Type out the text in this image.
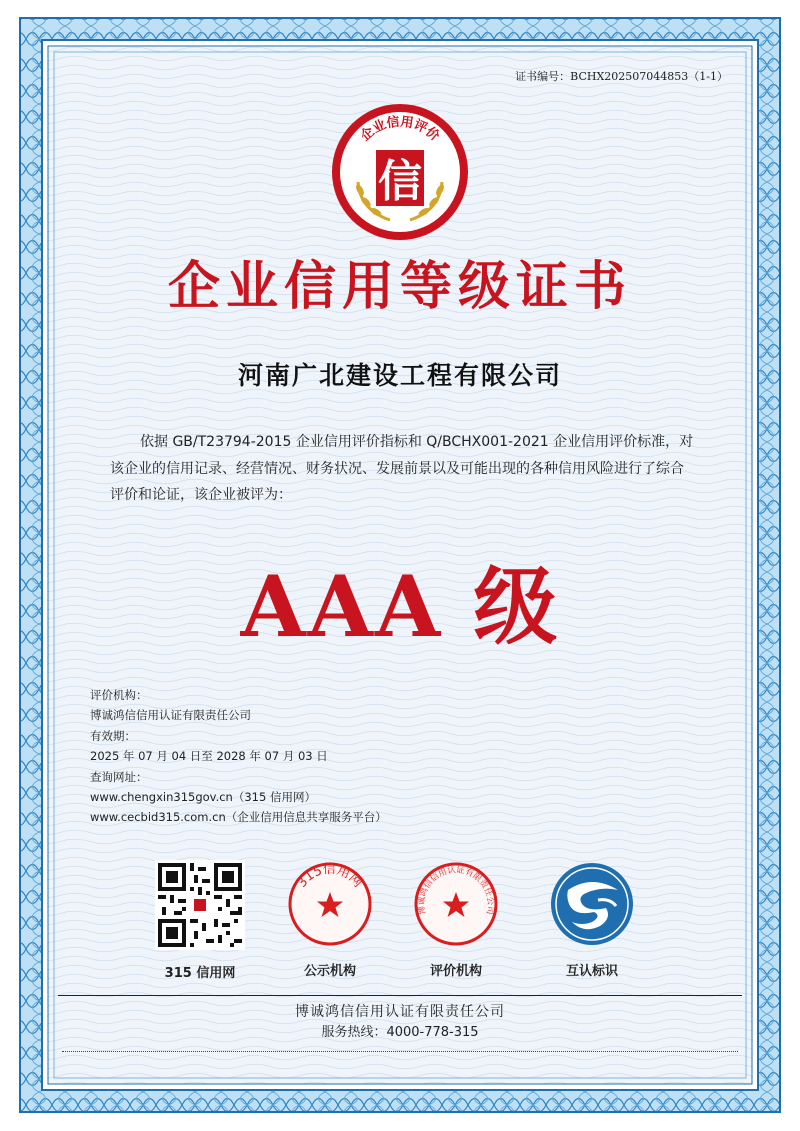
证书编号：BCHX202507044853（1-1）
企业信用评价
信
企业信用等级证书
河南广北建设工程有限公司
依据 GB/T23794-2015 企业信用评价指标和 Q/BCHX001-2021 企业信用评价标准，对该企业的信用记录、经营情况、财务状况、发展前景以及可能出现的各种信用风险进行了综合评价和论证，该企业被评为：
AAA 级
评价机构：
博诚鸿信信用认证有限责任公司
有效期：
2025 年 07 月 04 日至 2028 年 07 月 03 日
查询网址：
www.chengxin315gov.cn（315 信用网）
www.cecbid315.com.cn（企业信用信息共享服务平台）
315 信用网
315信用网
公示机构
博诚鸿信信用认证有限责任公司
评价机构	互认标识
博诚鸿信信用认证有限责任公司
服务热线：4000-778-315
